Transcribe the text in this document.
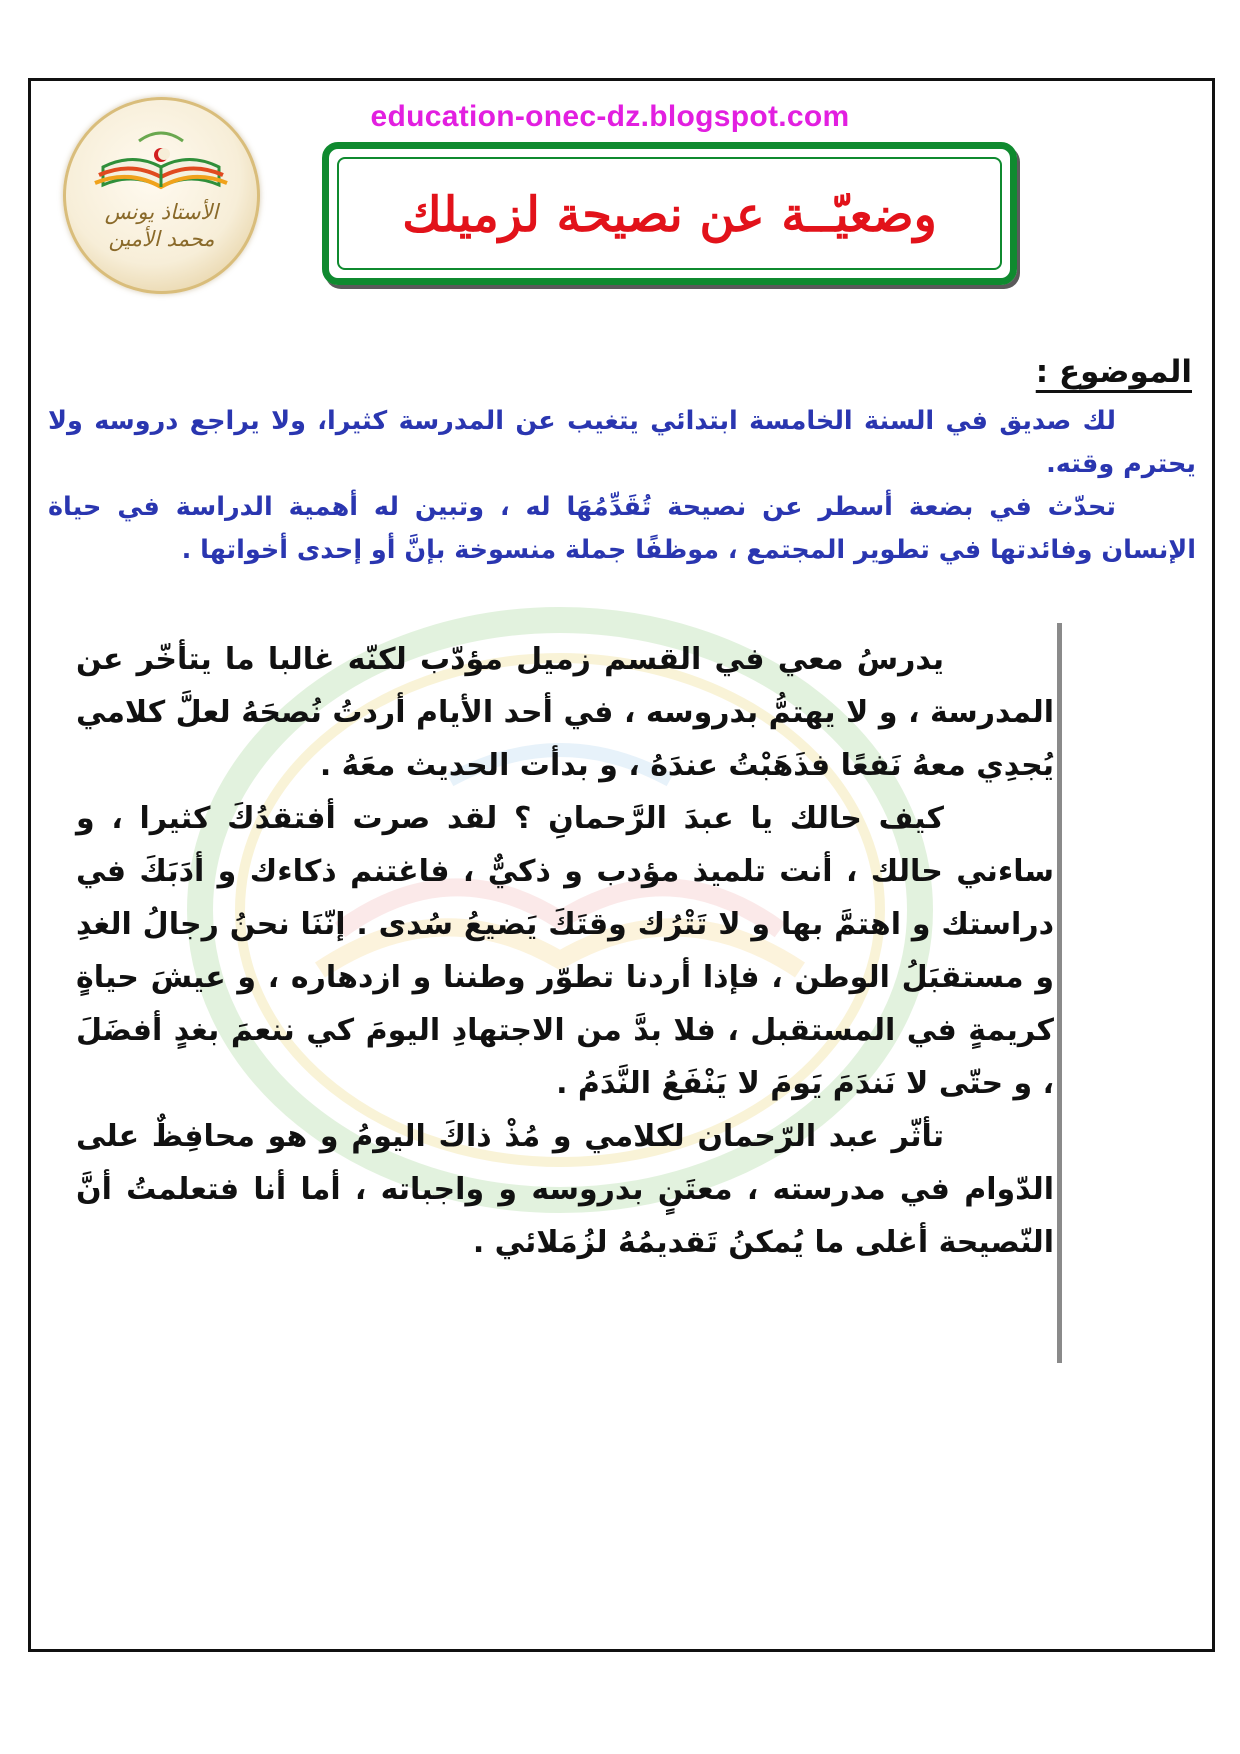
education-onec-dz.blogspot.com
الأستاذ يونس
محمد الأمين	وضعيّــة عن نصيحة لزميلك
الموضوع :

لك صديق في السنة الخامسة ابتدائي يتغيب عن المدرسة كثيرا، ولا يراجع دروسه ولا يحترم وقته.

تحدّث في بضعة أسطر عن نصيحة تُقَدِّمُهَا له ، وتبين له أهمية الدراسة في حياة الإنسان وفائدتها في تطوير المجتمع ، موظفًا جملة منسوخة بإنَّ أو إحدى أخواتها .

يدرسُ معي في القسم زميل مؤدّب لكنّه غالبا ما يتأخّر عن المدرسة ، و لا يهتمُّ بدروسه ، في أحد الأيام أردتُ نُصحَهُ لعلَّ كلامي يُجدِي معهُ نَفعًا فذَهَبْتُ عندَهُ ، و بدأت الحديث معَهُ .

كيف حالك يا عبدَ الرَّحمانِ ؟ لقد صرت أفتقدُكَ كثيرا ، و ساءني حالك ، أنت تلميذ مؤدب و ذكيٌّ ، فاغتنم ذكاءك و أدَبَكَ في دراستك و اهتمَّ بها و لا تَتْرُك وقتَكَ يَضيعُ سُدى . إنّنَا نحنُ رجالُ الغدِ و مستقبَلُ الوطن ، فإذا أردنا تطوّر وطننا و ازدهاره ، و عيشَ حياةٍ كريمةٍ في المستقبل ، فلا بدَّ من الاجتهادِ اليومَ كي ننعمَ بغدٍ أفضَلَ ، و حتّى لا نَندَمَ يَومَ لا يَنْفَعُ النَّدَمُ .

تأثّر عبد الرّحمان لكلامي و مُذْ ذاكَ اليومُ و هو محافِظٌ على الدّوام في مدرسته ، معتَنٍ بدروسه و واجباته ، أما أنا فتعلمتُ أنَّ النّصيحة أغلى ما يُمكنُ تَقديمُهُ لزُمَلائي .
